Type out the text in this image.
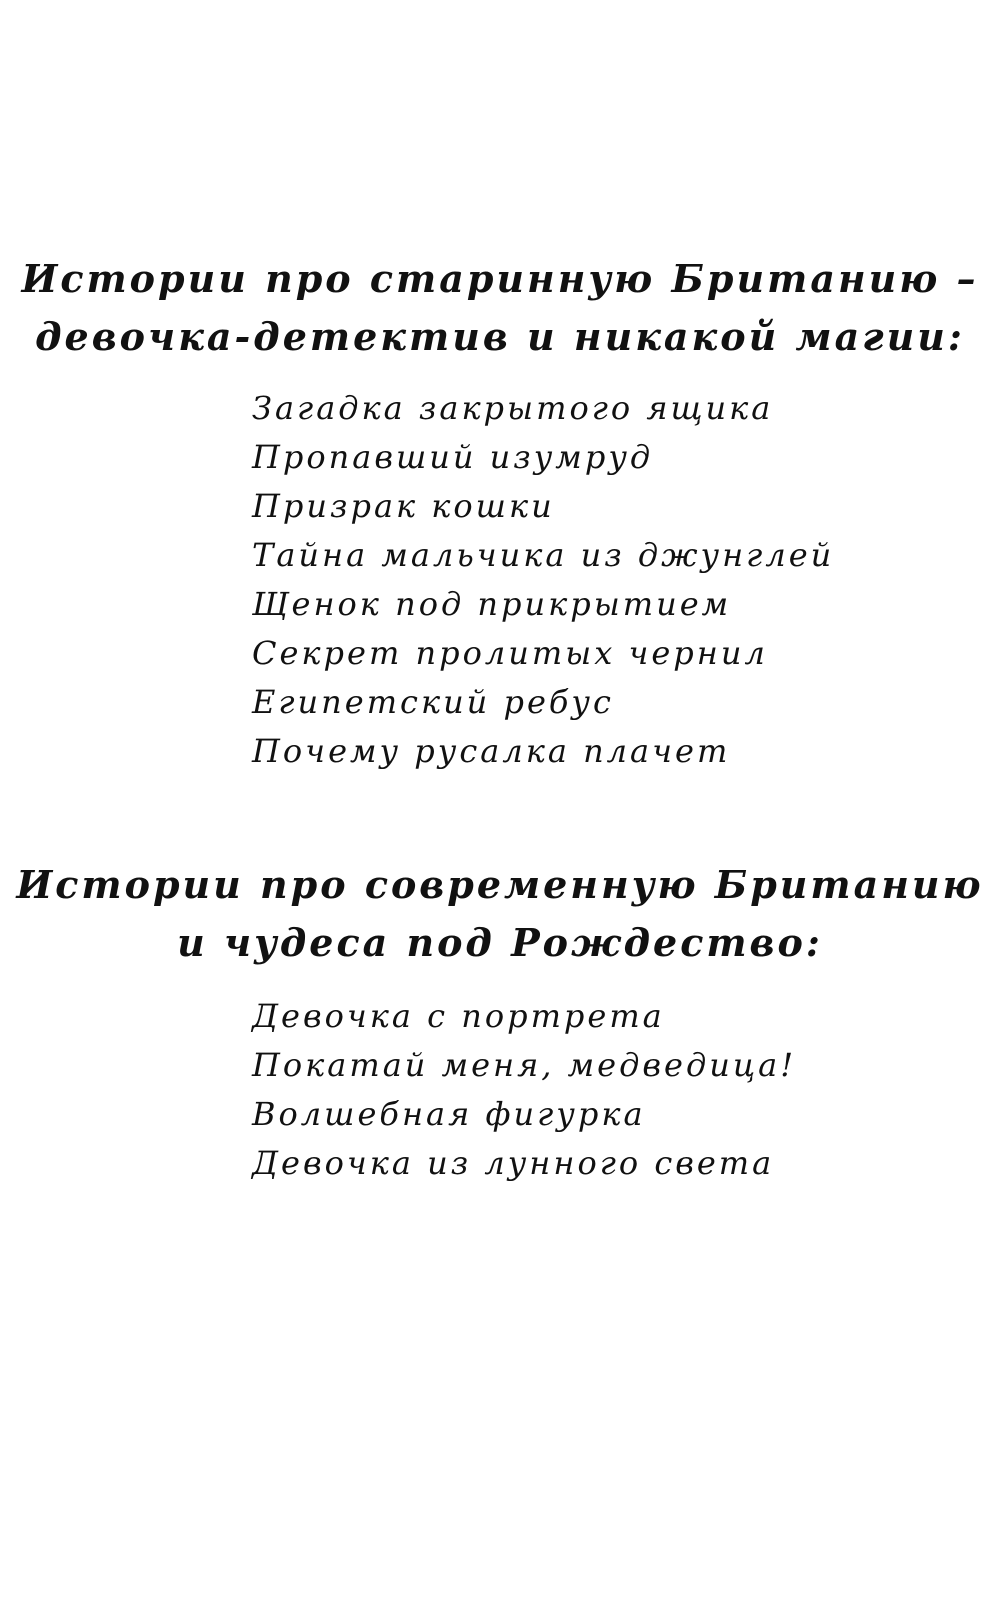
Истории про старинную Британию –
девочка-детектив и никакой магии:
Загадка закрытого ящика
Пропавший изумруд
Призрак кошки
Тайна мальчика из джунглей
Щенок под прикрытием
Секрет пролитых чернил
Египетский ребус
Почему русалка плачет
Истории про современную Британию
и чудеса под Рождество:
Девочка с портрета
Покатай меня, медведица!
Волшебная фигурка
Девочка из лунного света
